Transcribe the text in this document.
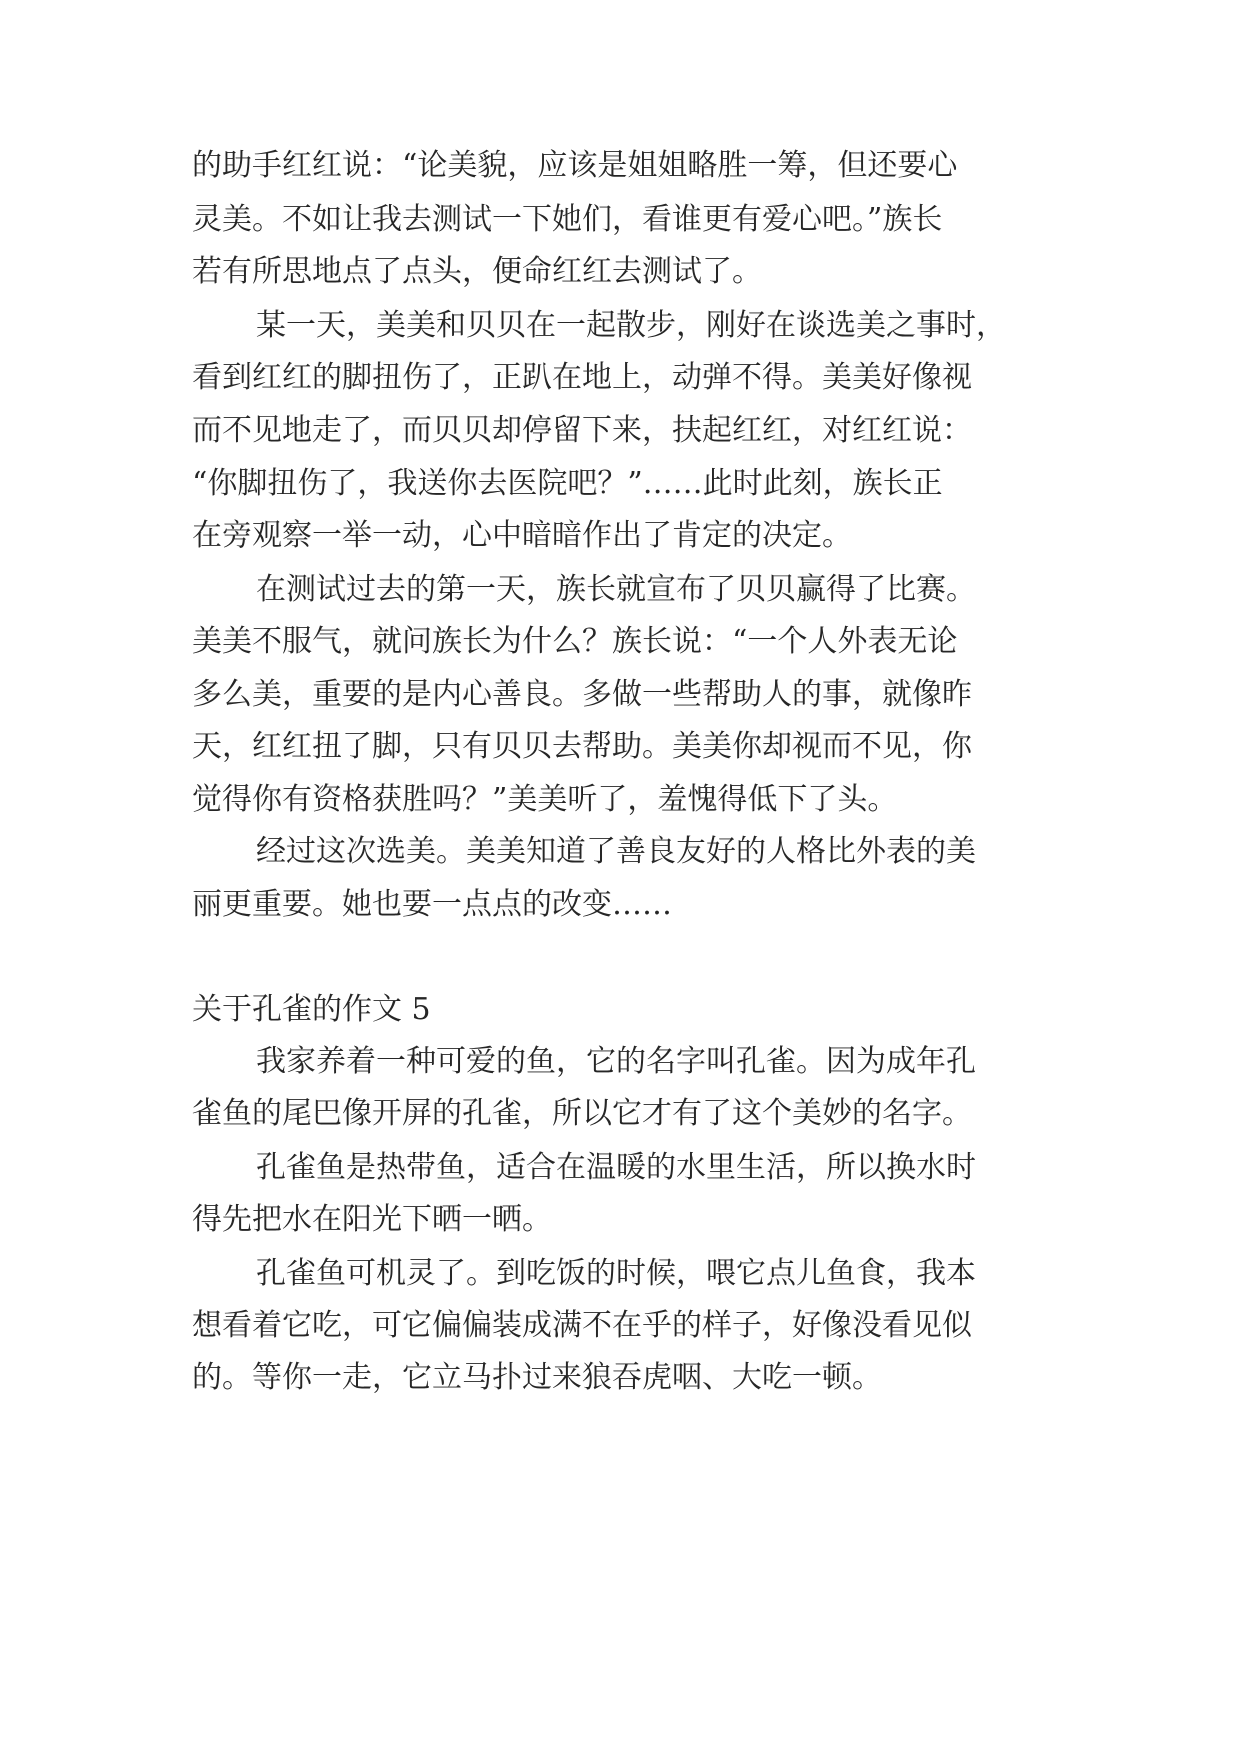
的助手红红说：“论美貌，应该是姐姐略胜一筹，但还要心
灵美。不如让我去测试一下她们，看谁更有爱心吧。”族长
若有所思地点了点头，便命红红去测试了。
某一天，美美和贝贝在一起散步，刚好在谈选美之事时，
看到红红的脚扭伤了，正趴在地上，动弹不得。美美好像视
而不见地走了，而贝贝却停留下来，扶起红红，对红红说：
“你脚扭伤了，我送你去医院吧？”……此时此刻，族长正
在旁观察一举一动，心中暗暗作出了肯定的决定。
在测试过去的第一天，族长就宣布了贝贝赢得了比赛。
美美不服气，就问族长为什么？族长说：“一个人外表无论
多么美，重要的是内心善良。多做一些帮助人的事，就像昨
天，红红扭了脚，只有贝贝去帮助。美美你却视而不见，你
觉得你有资格获胜吗？”美美听了，羞愧得低下了头。
经过这次选美。美美知道了善良友好的人格比外表的美
丽更重要。她也要一点点的改变……
关于孔雀的作文 5
我家养着一种可爱的鱼，它的名字叫孔雀。因为成年孔
雀鱼的尾巴像开屏的孔雀，所以它才有了这个美妙的名字。
孔雀鱼是热带鱼，适合在温暖的水里生活，所以换水时
得先把水在阳光下晒一晒。
孔雀鱼可机灵了。到吃饭的时候，喂它点儿鱼食，我本
想看着它吃，可它偏偏装成满不在乎的样子，好像没看见似
的。等你一走，它立马扑过来狼吞虎咽、大吃一顿。
